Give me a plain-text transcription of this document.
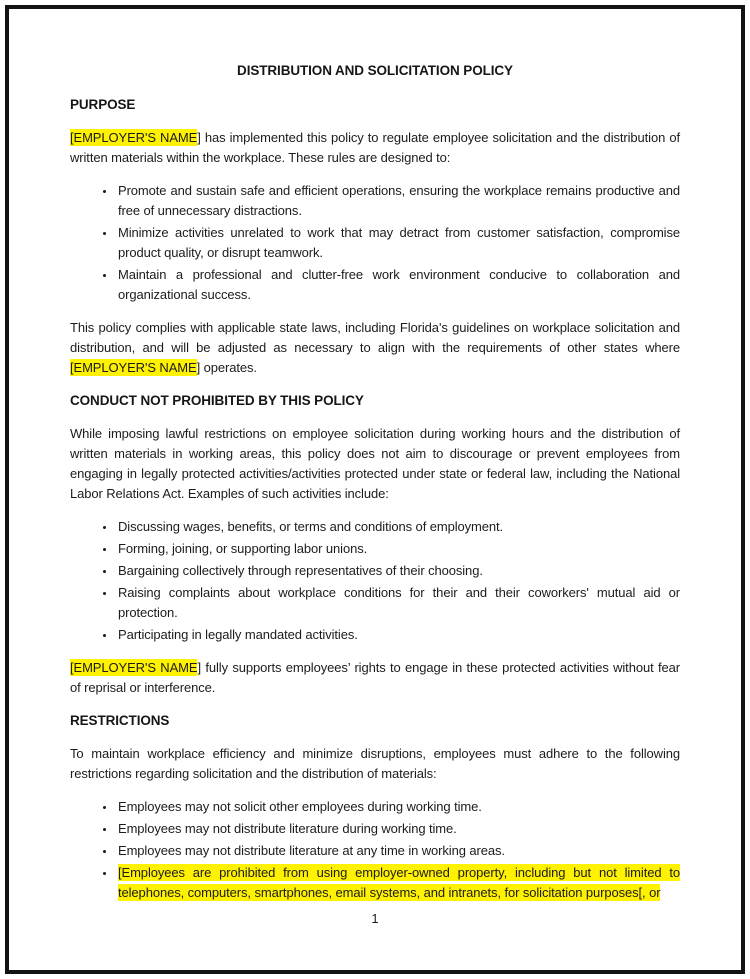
DISTRIBUTION AND SOLICITATION POLICY
PURPOSE

[EMPLOYER'S NAME] has implemented this policy to regulate employee solicitation and the distribution of written materials within the workplace. These rules are designed to:

• Promote and sustain safe and efficient operations, ensuring the workplace remains productive and free of unnecessary distractions.
• Minimize activities unrelated to work that may detract from customer satisfaction, compromise product quality, or disrupt teamwork.
• Maintain a professional and clutter-free work environment conducive to collaboration and organizational success.

This policy complies with applicable state laws, including Florida's guidelines on workplace solicitation and distribution, and will be adjusted as necessary to align with the requirements of other states where [EMPLOYER'S NAME] operates.

CONDUCT NOT PROHIBITED BY THIS POLICY

While imposing lawful restrictions on employee solicitation during working hours and the distribution of written materials in working areas, this policy does not aim to discourage or prevent employees from engaging in legally protected activities/activities protected under state or federal law, including the National Labor Relations Act. Examples of such activities include:

• Discussing wages, benefits, or terms and conditions of employment.
• Forming, joining, or supporting labor unions.
• Bargaining collectively through representatives of their choosing.
• Raising complaints about workplace conditions for their and their coworkers' mutual aid or protection.
• Participating in legally mandated activities.

[EMPLOYER'S NAME] fully supports employees’ rights to engage in these protected activities without fear of reprisal or interference.

RESTRICTIONS

To maintain workplace efficiency and minimize disruptions, employees must adhere to the following restrictions regarding solicitation and the distribution of materials:

• Employees may not solicit other employees during working time.
• Employees may not distribute literature during working time.
• Employees may not distribute literature at any time in working areas.
• [Employees are prohibited from using employer-owned property, including but not limited to telephones, computers, smartphones, email systems, and intranets, for solicitation purposes[, or
1
